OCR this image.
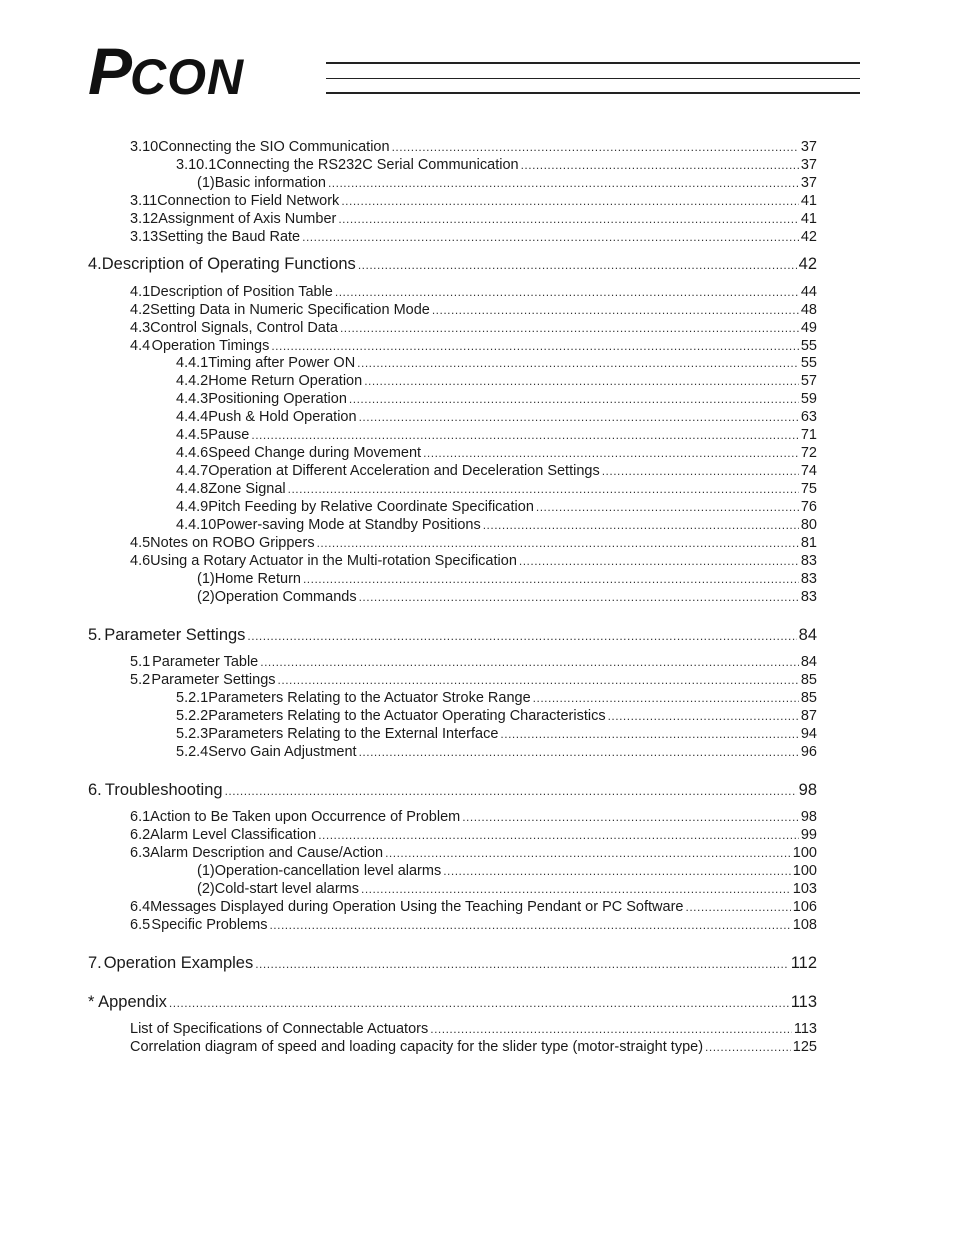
PCON
3.10 Connecting the SIO Communication .....	37
3.10.1 Connecting the RS232C Serial Communication .....	37
(1) Basic information .....	37
3.11 Connection to Field Network .....	41
3.12 Assignment of Axis Number .....	41
3.13 Setting the Baud Rate .....	42
4. Description of Operating Functions .....	42
4.1 Description of Position Table .....	44
4.2 Setting Data in Numeric Specification Mode .....	48
4.3 Control Signals, Control Data .....	49
4.4 Operation Timings .....	55
4.4.1 Timing after Power ON .....	55
4.4.2 Home Return Operation .....	57
4.4.3 Positioning Operation .....	59
4.4.4 Push & Hold Operation .....	63
4.4.5 Pause .....	71
4.4.6 Speed Change during Movement .....	72
4.4.7 Operation at Different Acceleration and Deceleration Settings .....	74
4.4.8 Zone Signal .....	75
4.4.9 Pitch Feeding by Relative Coordinate Specification .....	76
4.4.10 Power-saving Mode at Standby Positions .....	80
4.5 Notes on ROBO Grippers .....	81
4.6 Using a Rotary Actuator in the Multi-rotation Specification .....	83
(1) Home Return .....	83
(2) Operation Commands .....	83
5. Parameter Settings .....	84
5.1 Parameter Table .....	84
5.2 Parameter Settings .....	85
5.2.1 Parameters Relating to the Actuator Stroke Range .....	85
5.2.2 Parameters Relating to the Actuator Operating Characteristics .....	87
5.2.3 Parameters Relating to the External Interface .....	94
5.2.4 Servo Gain Adjustment .....	96
6. Troubleshooting .....	98
6.1 Action to Be Taken upon Occurrence of Problem .....	98
6.2 Alarm Level Classification .....	99
6.3 Alarm Description and Cause/Action .....	100
(1) Operation-cancellation level alarms .....	100
(2) Cold-start level alarms .....	103
6.4 Messages Displayed during Operation Using the Teaching Pendant or PC Software .....	106
6.5 Specific Problems .....	108
7. Operation Examples .....	112
* Appendix .....	113
List of Specifications of Connectable Actuators .....	113
Correlation diagram of speed and loading capacity for the slider type (motor-straight type) .....	125
